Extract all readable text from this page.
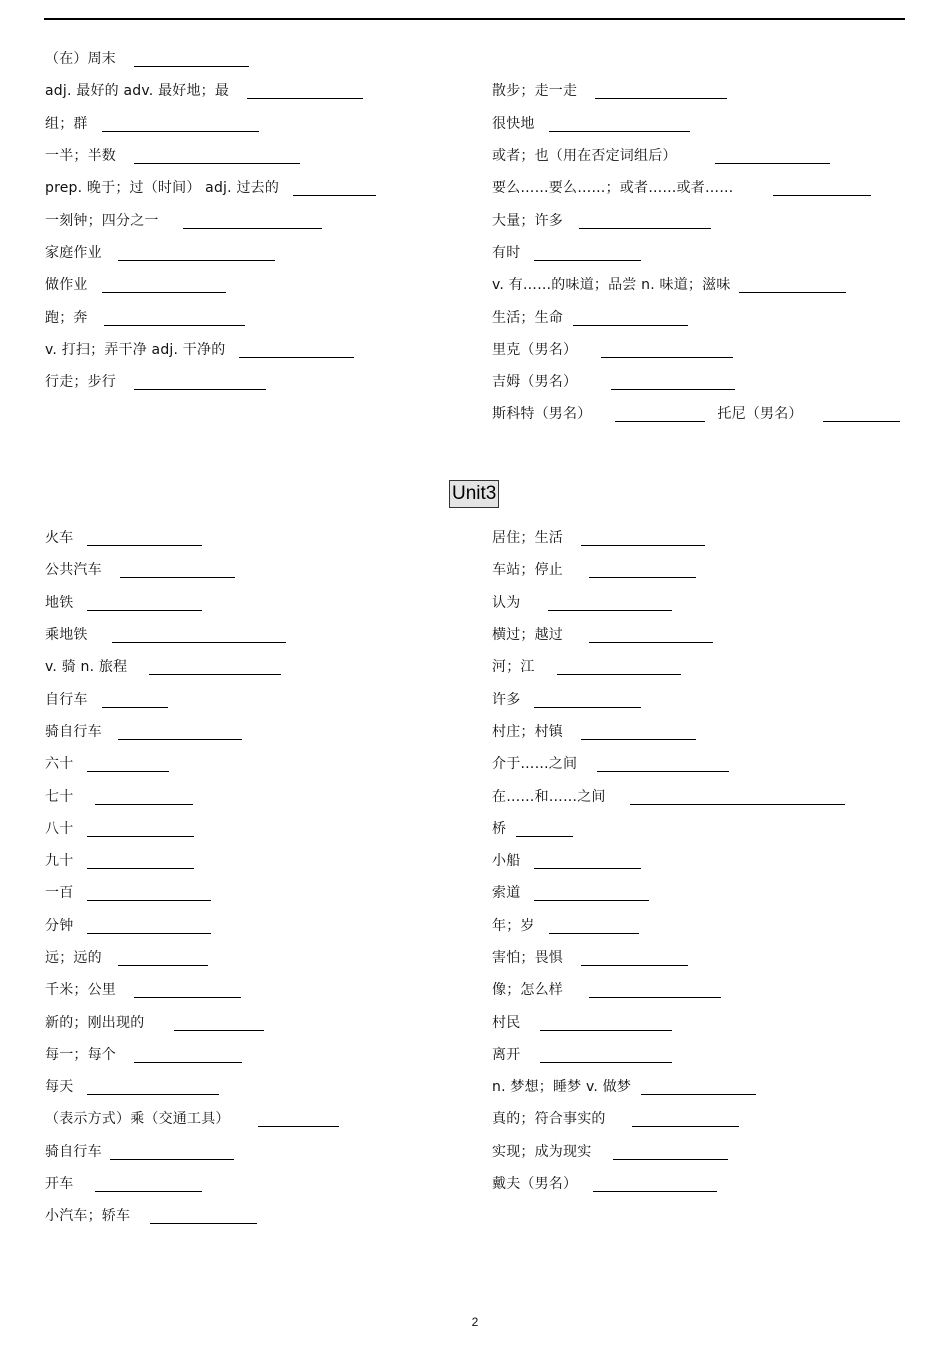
（在）周末
adj. 最好的 adv. 最好地；最
组；群
一半；半数
prep. 晚于；过（时间） adj. 过去的
一刻钟；四分之一
家庭作业
做作业
跑；奔
v. 打扫；弄干净 adj. 干净的
行走；步行
散步；走一走
很快地
或者；也（用在否定词组后）
要么……要么……；或者……或者……
大量；许多
有时
v. 有……的味道；品尝 n. 味道；滋味
生活；生命
里克（男名）
吉姆（男名）
斯科特（男名）	托尼（男名）
Unit3
火车
公共汽车
地铁
乘地铁
v. 骑 n. 旅程
自行车
骑自行车
六十
七十
八十
九十
一百
分钟
远；远的
千米；公里
新的；刚出现的
每一；每个
每天
（表示方式）乘（交通工具）
骑自行车
开车
小汽车；轿车
居住；生活
车站；停止
认为
横过；越过
河；江
许多
村庄；村镇
介于……之间
在……和……之间
桥
小船
索道
年；岁
害怕；畏惧
像；怎么样
村民
离开
n. 梦想；睡梦 v. 做梦
真的；符合事实的
实现；成为现实
戴夫（男名）
2
